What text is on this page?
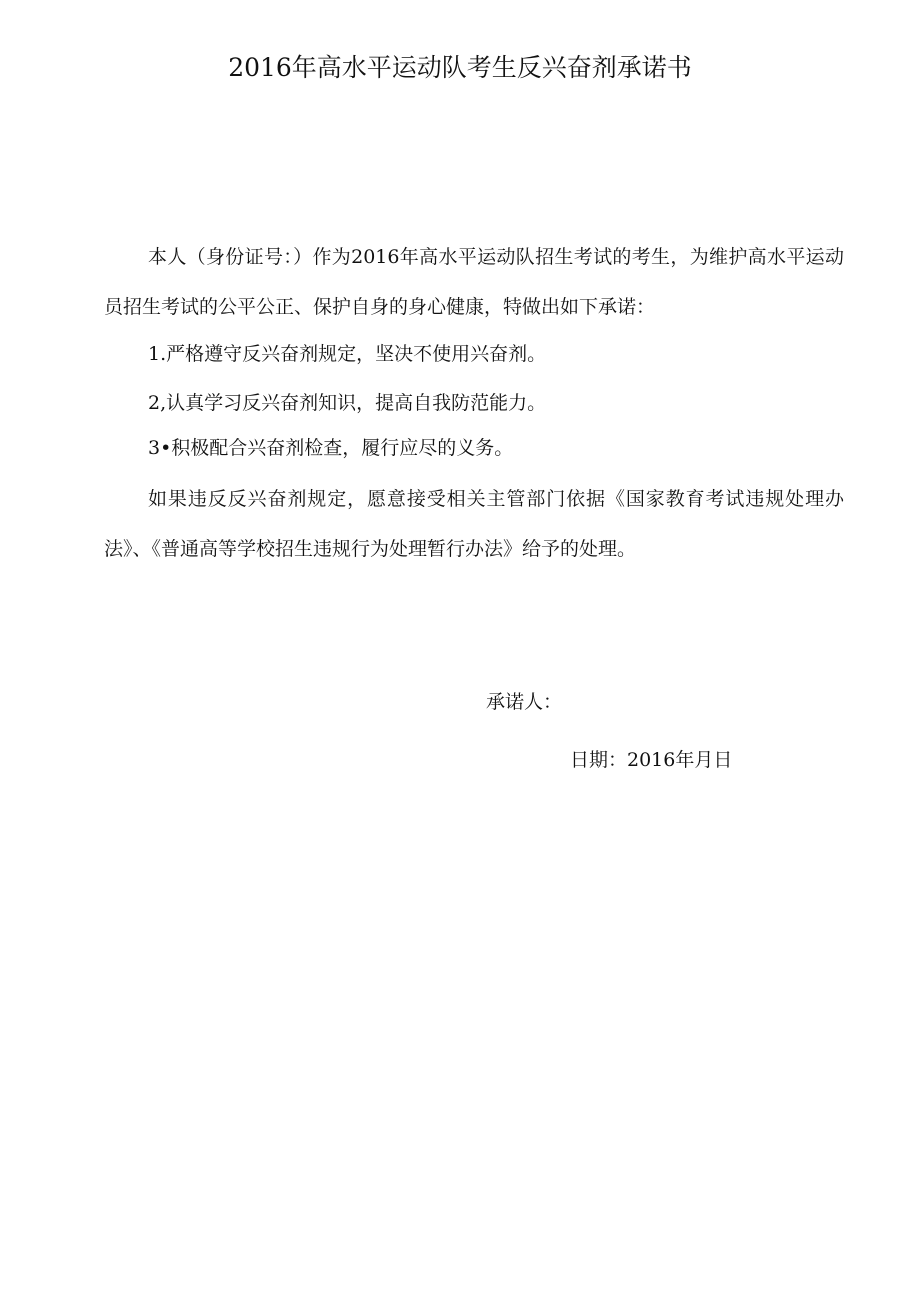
2016年高水平运动队考生反兴奋剂承诺书

本人（身份证号：）作为2016年高水平运动队招生考试的考生，为维护高水平运动员招生考试的公平公正、保护自身的身心健康，特做出如下承诺：

1.严格遵守反兴奋剂规定，坚决不使用兴奋剂。
2,认真学习反兴奋剂知识，提高自我防范能力。
3•积极配合兴奋剂检查，履行应尽的义务。

如果违反反兴奋剂规定，愿意接受相关主管部门依据《国家教育考试违规处理办法》、《普通高等学校招生违规行为处理暂行办法》给予的处理。

承诺人：
日期：2016年月日
